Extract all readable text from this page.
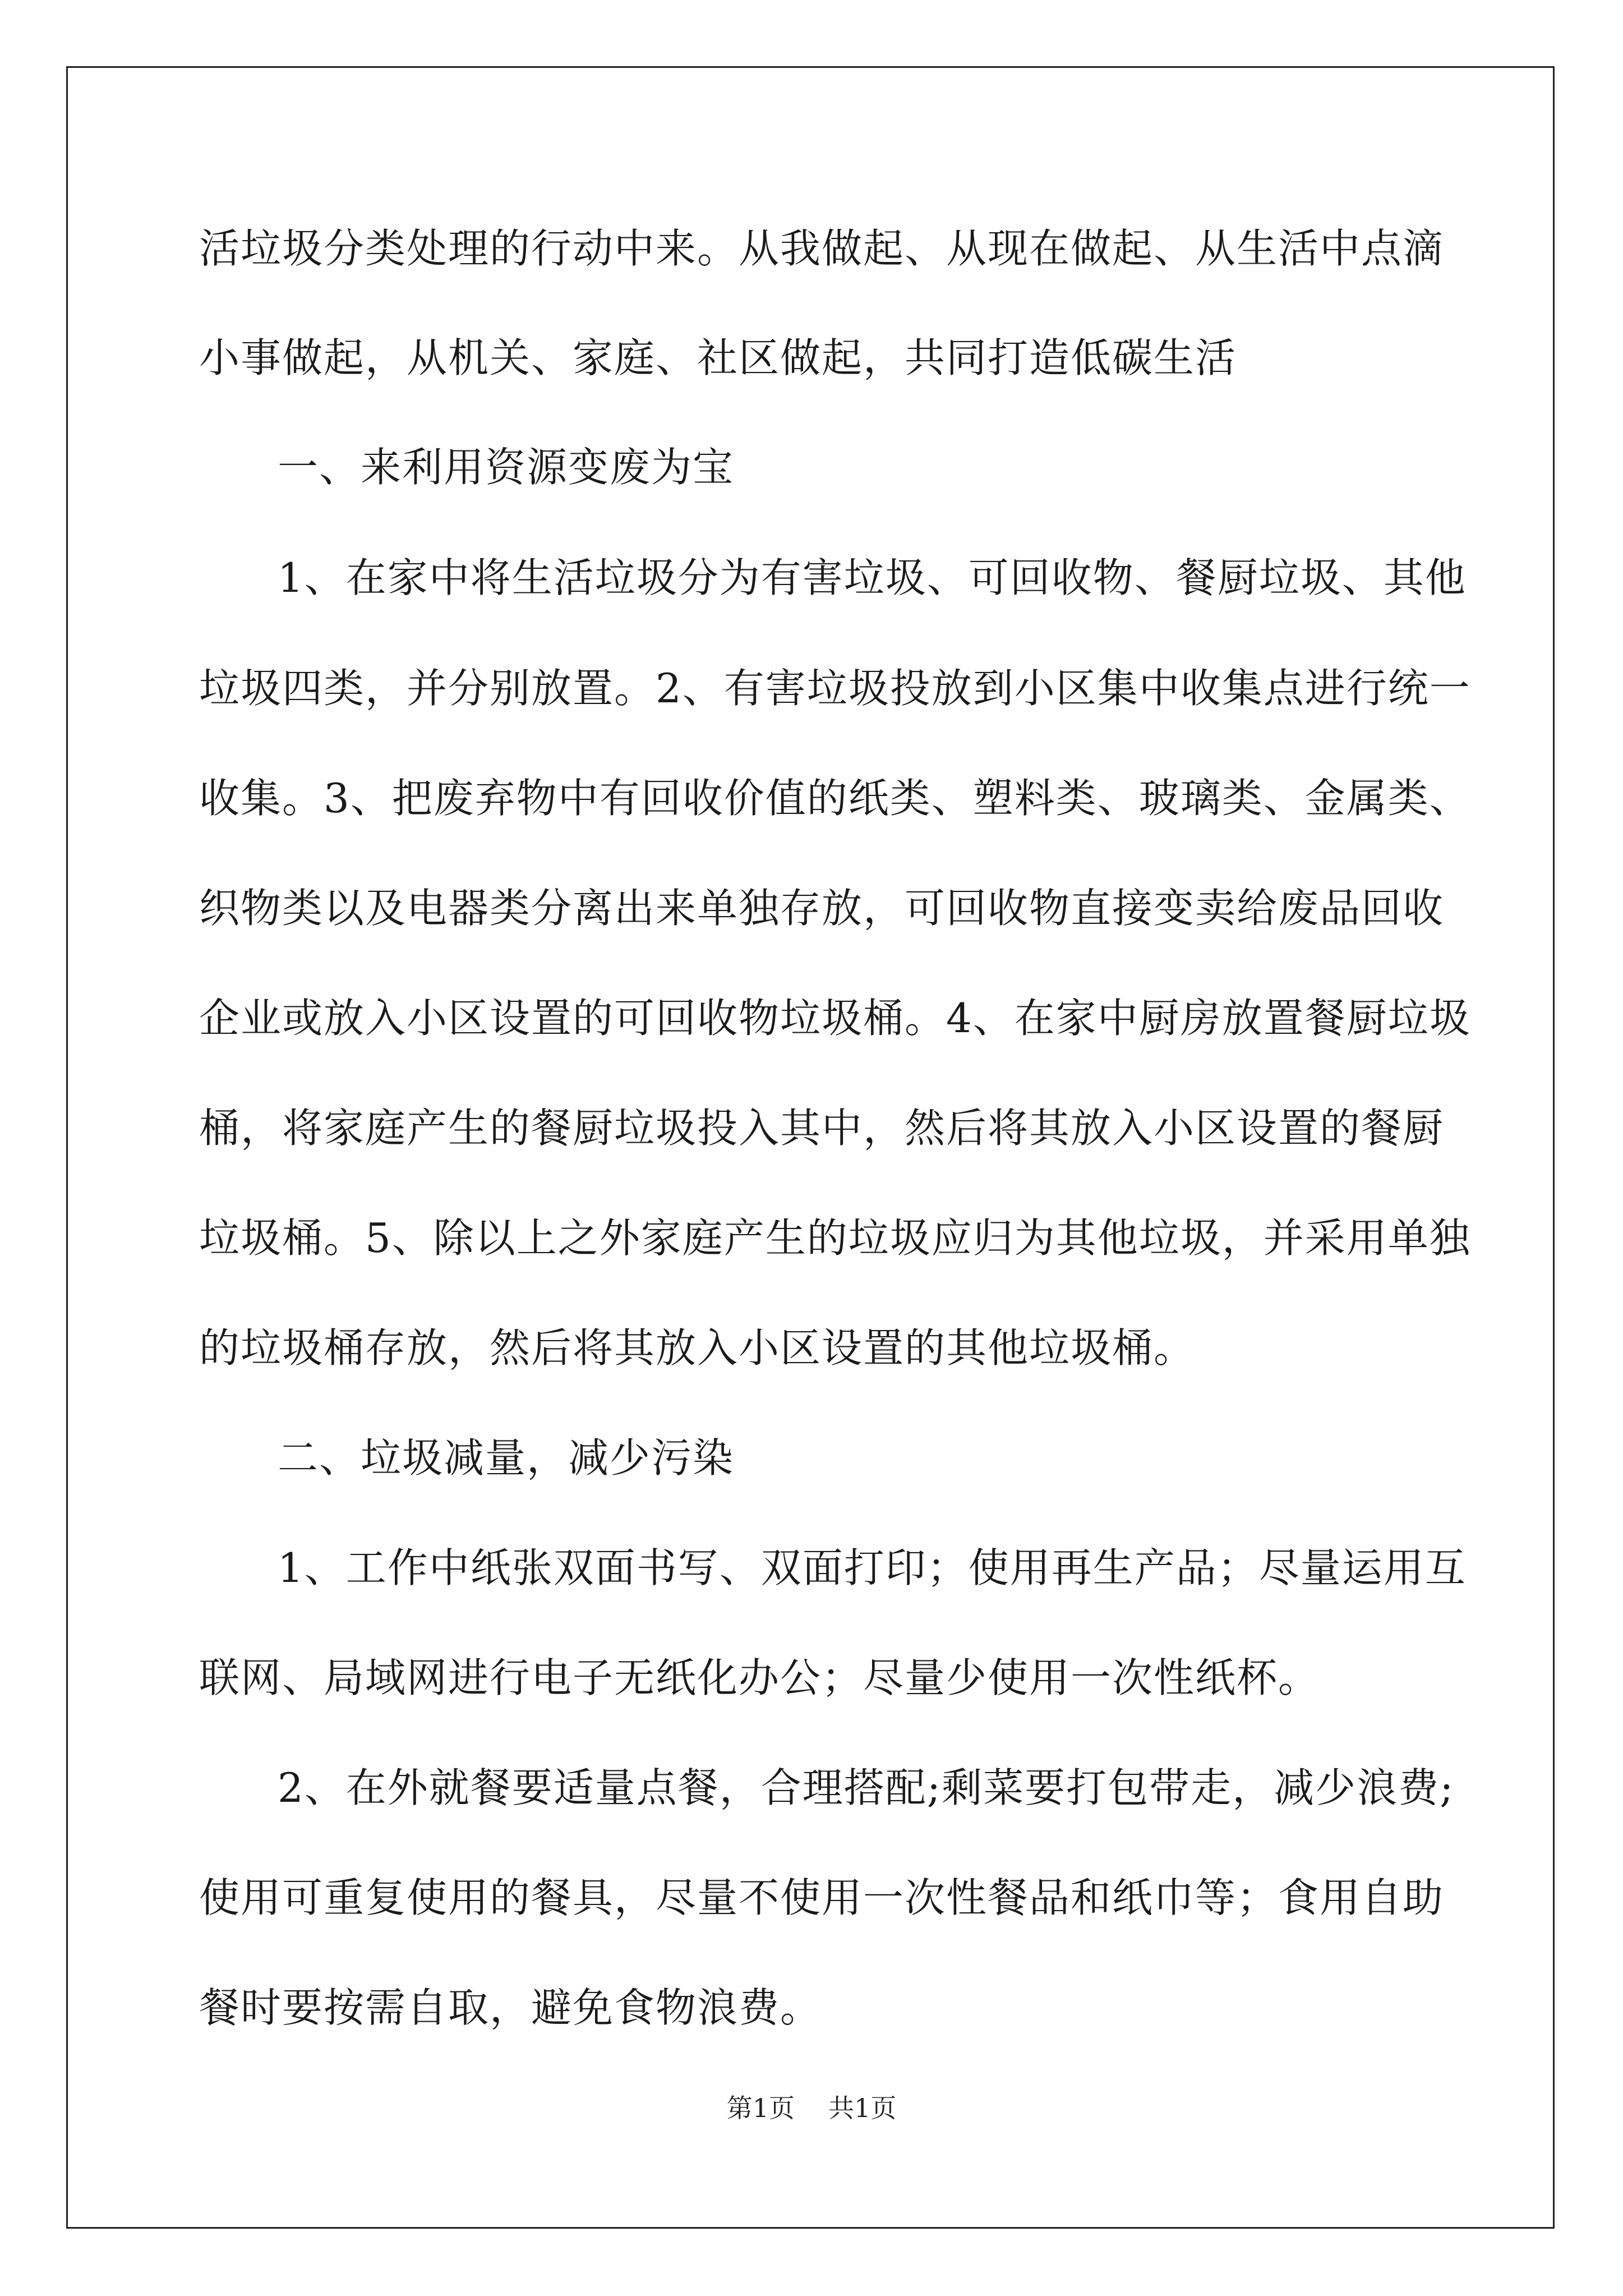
活垃圾分类处理的行动中来。从我做起、从现在做起、从生活中点滴
小事做起，从机关、家庭、社区做起，共同打造低碳生活
一、来利用资源变废为宝
1、在家中将生活垃圾分为有害垃圾、可回收物、餐厨垃圾、其他
垃圾四类，并分别放置。2、有害垃圾投放到小区集中收集点进行统一
收集。3、把废弃物中有回收价值的纸类、塑料类、玻璃类、金属类、
织物类以及电器类分离出来单独存放，可回收物直接变卖给废品回收
企业或放入小区设置的可回收物垃圾桶。4、在家中厨房放置餐厨垃圾
桶，将家庭产生的餐厨垃圾投入其中，然后将其放入小区设置的餐厨
垃圾桶。5、除以上之外家庭产生的垃圾应归为其他垃圾，并采用单独
的垃圾桶存放，然后将其放入小区设置的其他垃圾桶。
二、垃圾减量，减少污染
1、工作中纸张双面书写、双面打印；使用再生产品；尽量运用互
联网、局域网进行电子无纸化办公；尽量少使用一次性纸杯。
2、在外就餐要适量点餐，合理搭配;剩菜要打包带走，减少浪费;
使用可重复使用的餐具，尽量不使用一次性餐品和纸巾等；食用自助
餐时要按需自取，避免食物浪费。
第1页 共1页
